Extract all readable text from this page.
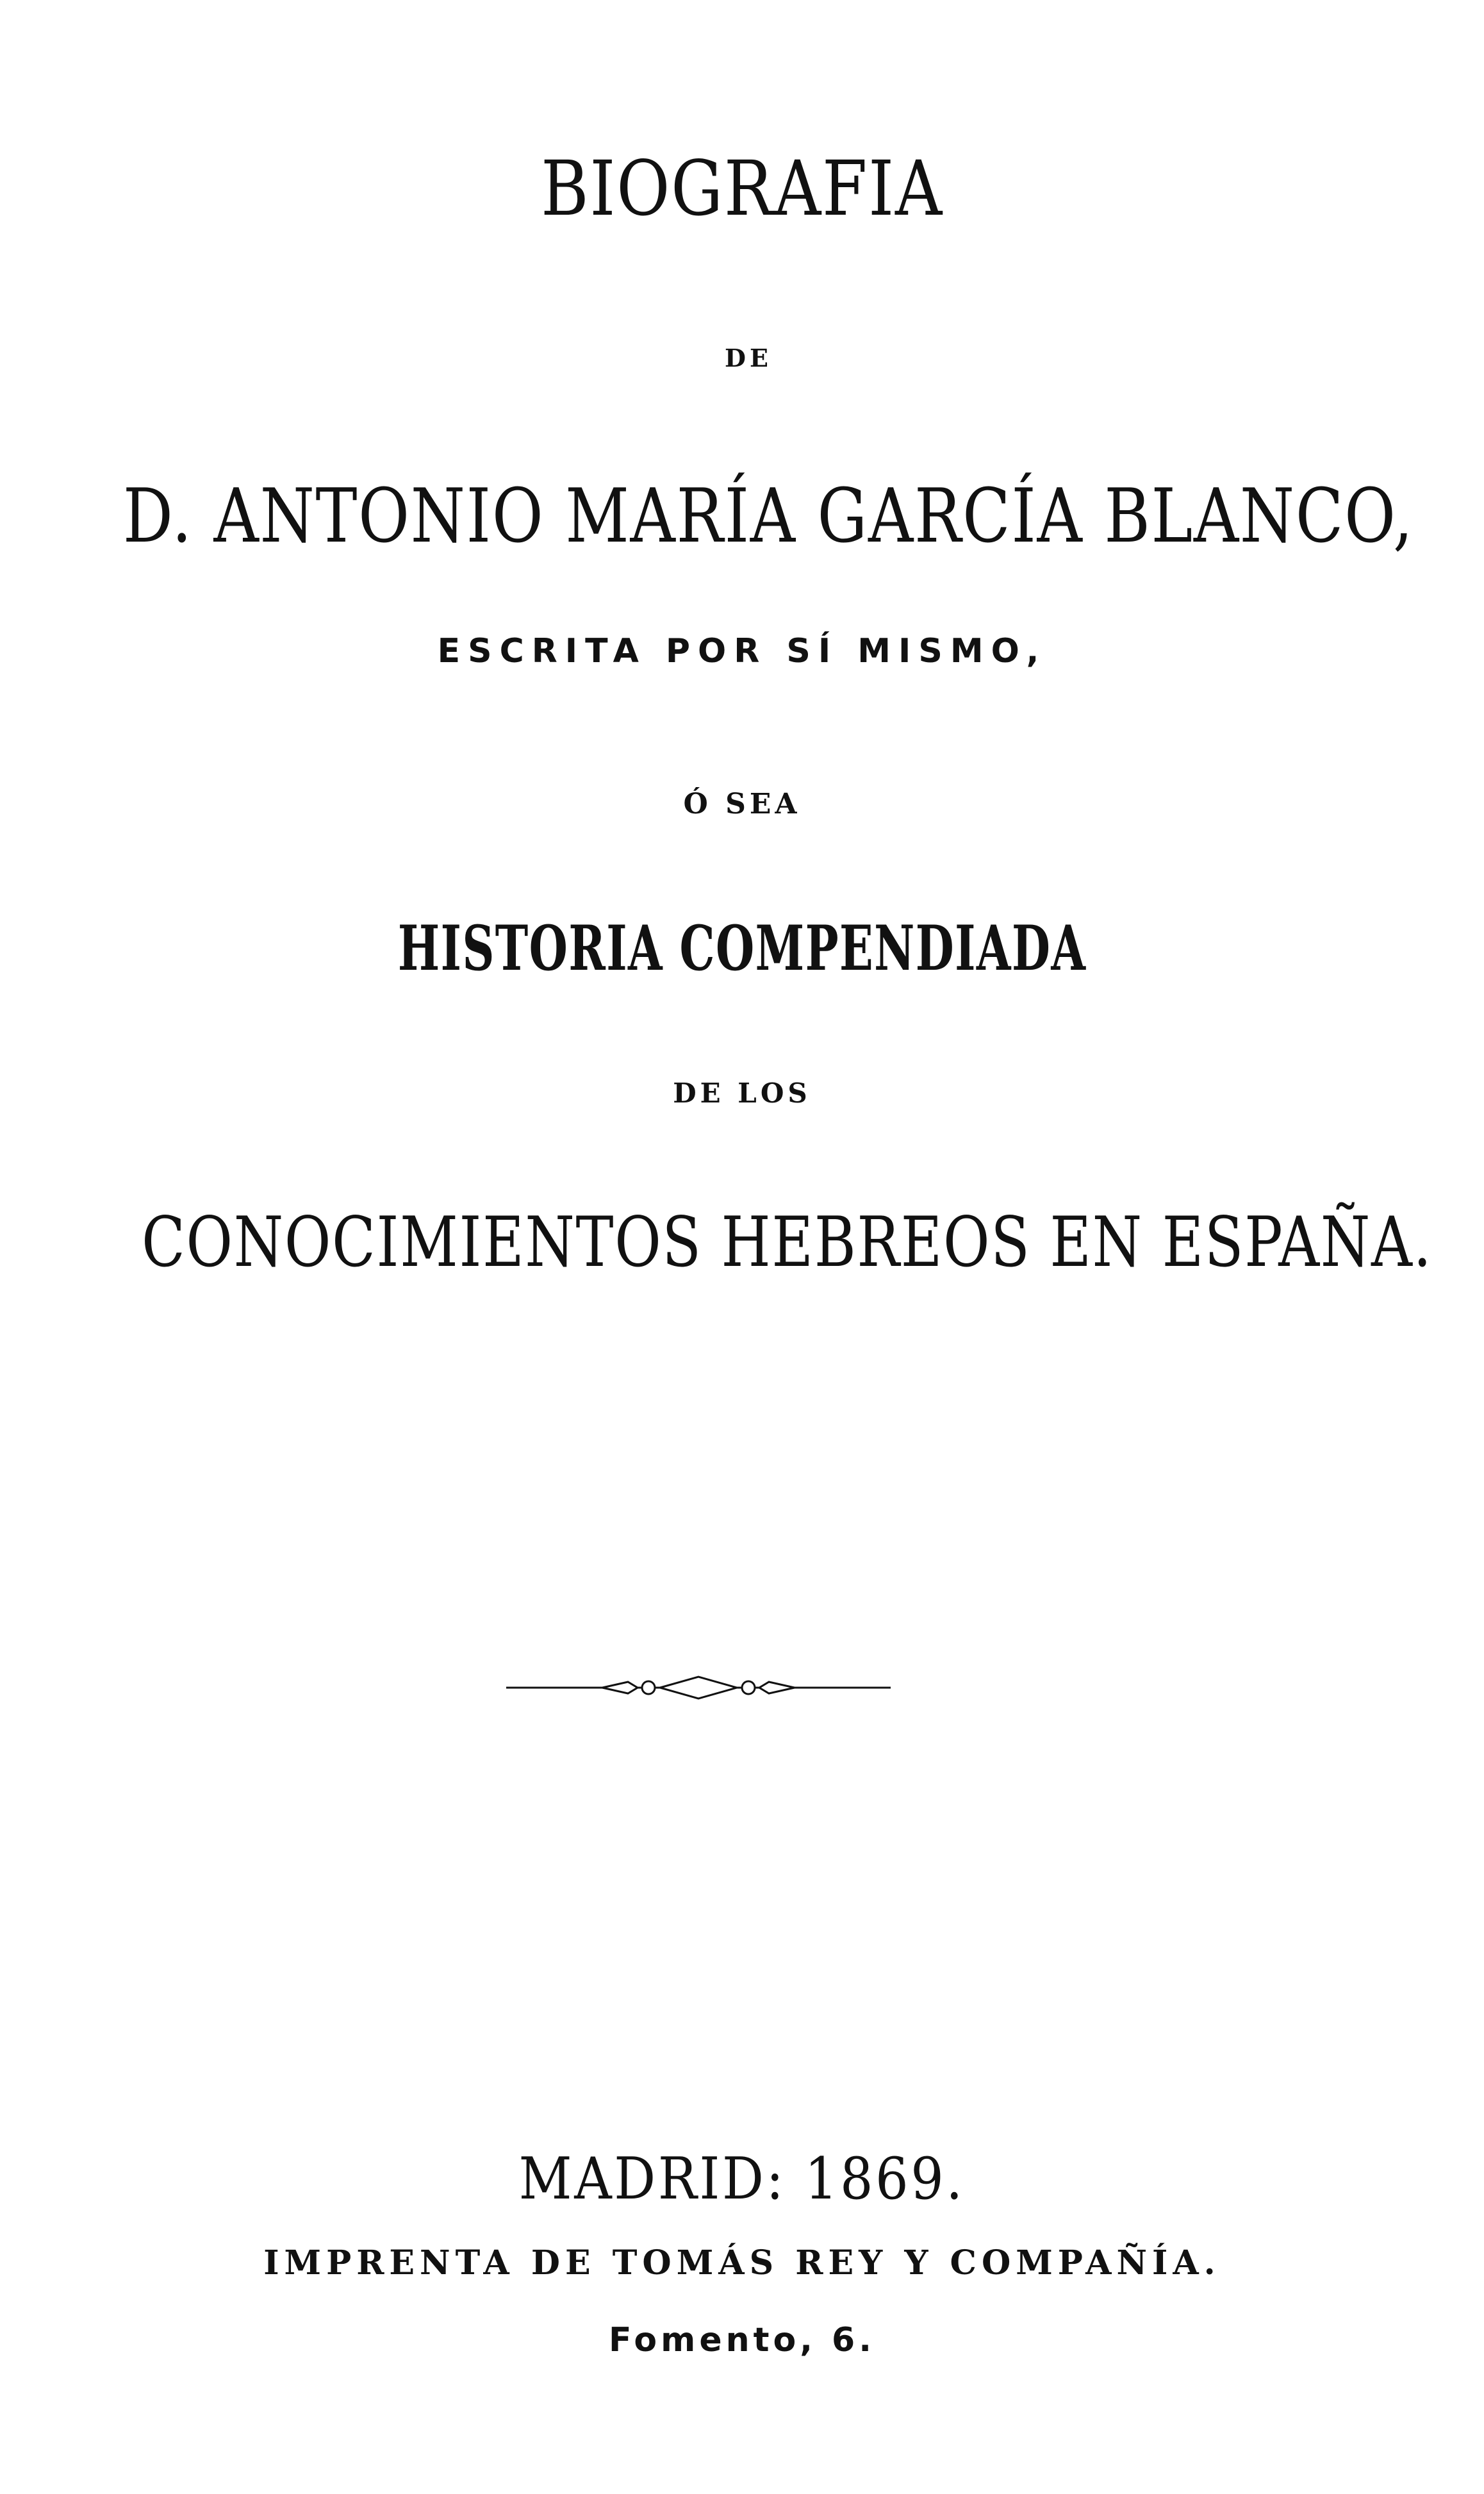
BIOGRAFIA
DE
D. ANTONIO MARÍA GARCÍA BLANCO,
ESCRITA POR SÍ MISMO,
Ó SEA
HISTORIA COMPENDIADA
DE LOS
CONOCIMIENTOS HEBREOS EN ESPAÑA.
MADRID: 1869.
IMPRENTA DE TOMÁS REY Y COMPAÑÍA.
Fomento, 6.
